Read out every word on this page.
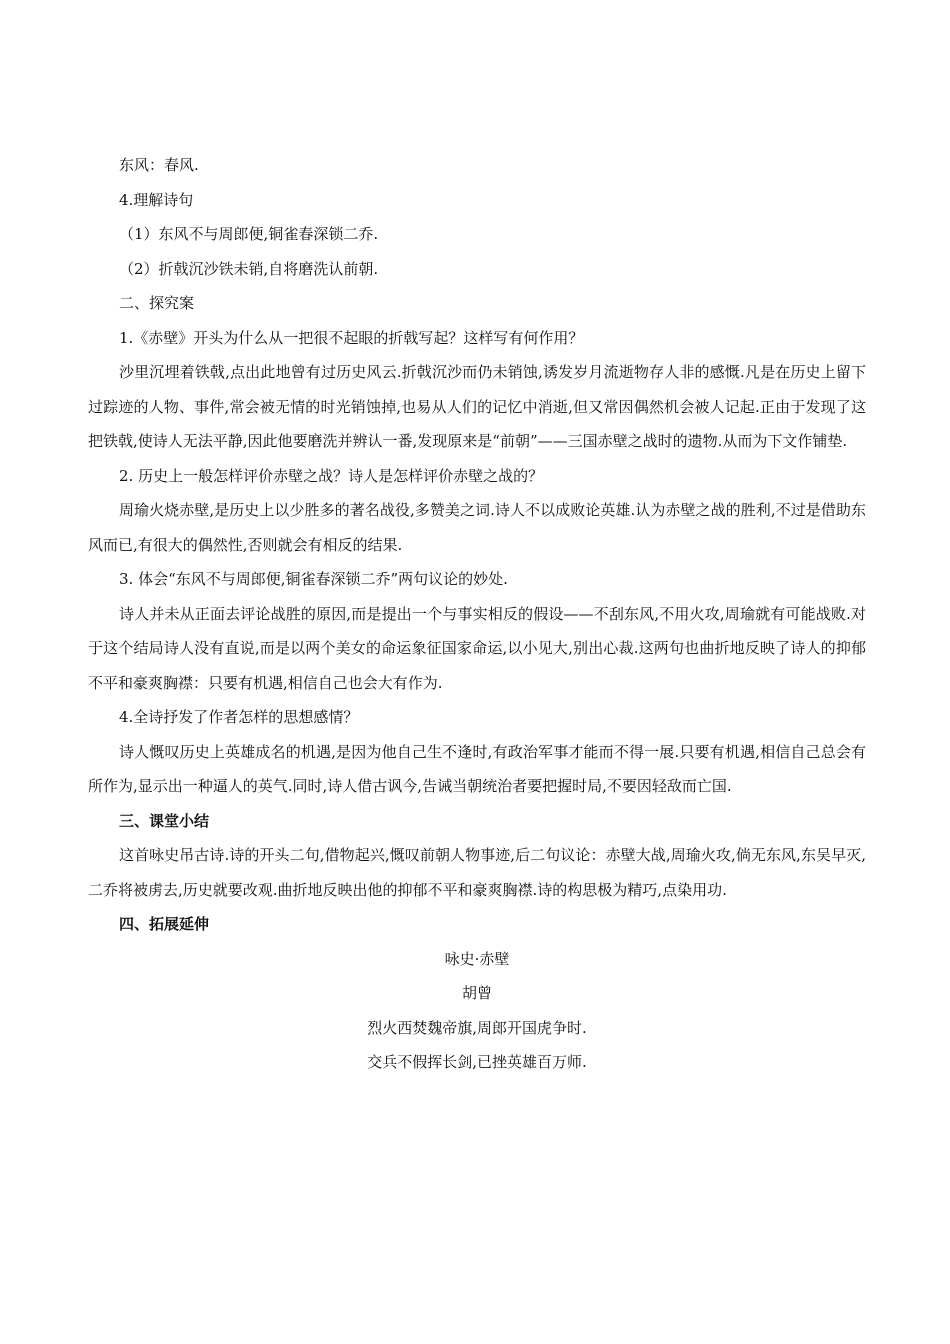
东风：春风.

4.理解诗句

（1）东风不与周郎便,铜雀春深锁二乔.

（2）折戟沉沙铁未销,自将磨洗认前朝.

二、探究案

1.《赤壁》开头为什么从一把很不起眼的折戟写起？这样写有何作用？

沙里沉埋着铁戟,点出此地曾有过历史风云.折戟沉沙而仍未销蚀,诱发岁月流逝物存人非的感慨.凡是在历史上留下过踪迹的人物、事件,常会被无情的时光销蚀掉,也易从人们的记忆中消逝,但又常因偶然机会被人记起.正由于发现了这把铁戟,使诗人无法平静,因此他要磨洗并辨认一番,发现原来是“前朝”——三国赤壁之战时的遗物.从而为下文作铺垫.

2. 历史上一般怎样评价赤壁之战？诗人是怎样评价赤壁之战的？

周瑜火烧赤壁,是历史上以少胜多的著名战役,多赞美之词.诗人不以成败论英雄.认为赤壁之战的胜利,不过是借助东风而已,有很大的偶然性,否则就会有相反的结果.

3. 体会“东风不与周郎便,铜雀春深锁二乔”两句议论的妙处.

诗人并未从正面去评论战胜的原因,而是提出一个与事实相反的假设——不刮东风,不用火攻,周瑜就有可能战败.对于这个结局诗人没有直说,而是以两个美女的命运象征国家命运,以小见大,别出心裁.这两句也曲折地反映了诗人的抑郁不平和豪爽胸襟：只要有机遇,相信自己也会大有作为.

4.全诗抒发了作者怎样的思想感情？

诗人慨叹历史上英雄成名的机遇,是因为他自己生不逢时,有政治军事才能而不得一展.只要有机遇,相信自己总会有所作为,显示出一种逼人的英气.同时,诗人借古讽今,告诫当朝统治者要把握时局,不要因轻敌而亡国.

三、课堂小结

这首咏史吊古诗.诗的开头二句,借物起兴,慨叹前朝人物事迹,后二句议论：赤壁大战,周瑜火攻,倘无东风,东吴早灭,二乔将被虏去,历史就要改观.曲折地反映出他的抑郁不平和豪爽胸襟.诗的构思极为精巧,点染用功.

四、拓展延伸

咏史·赤壁

胡曾

烈火西焚魏帝旗,周郎开国虎争时.

交兵不假挥长剑,已挫英雄百万师.
